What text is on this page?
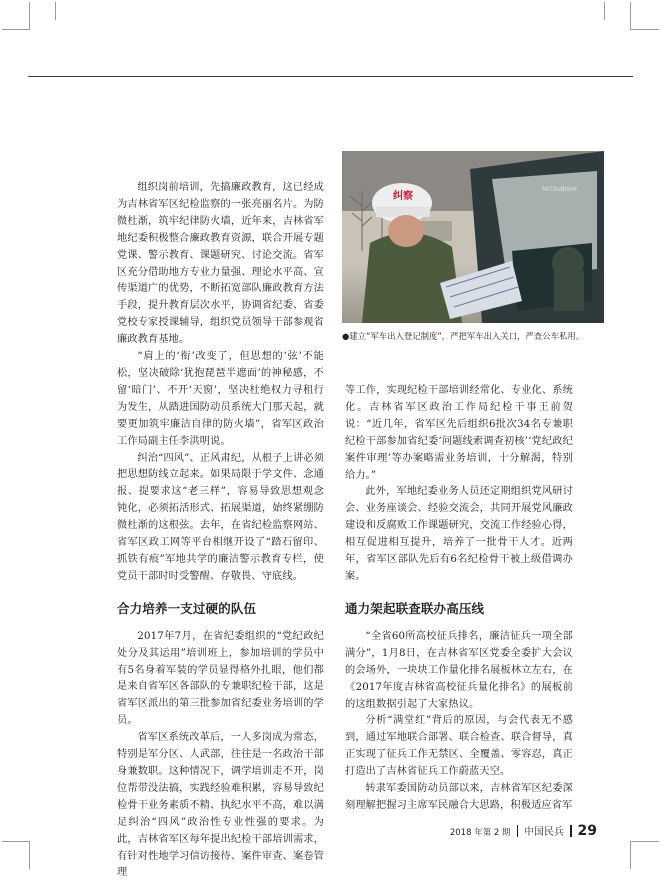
组织岗前培训，先搞廉政教育，这已经成为吉林省军区纪检监察的一张亮丽名片。为防微杜渐，筑牢纪律防火墙，近年来，吉林省军地纪委积极整合廉政教育资源，联合开展专题党课、警示教育、课题研究、讨论交流。省军区充分借助地方专业力量强、理论水平高、宣传渠道广的优势，不断拓宽部队廉政教育方法手段，提升教育层次水平，协调省纪委、省委党校专家授课辅导，组织党员领导干部参观省廉政教育基地。

“肩上的‘衔’改变了，但思想的‘弦’不能松，坚决破除‘犹抱琵琶半遮面’的神秘感，不留‘暗门’、不开‘天窗’，坚决杜绝权力寻租行为发生，从踏进国防动员系统大门那天起，就要更加筑牢廉洁自律的防火墙”，省军区政治工作局副主任李洪明说。

纠治“四风”、正风肃纪，从根子上讲必须把思想防线立起来。如果局限于学文件、念通报、提要求这“老三样”，容易导致思想观念钝化，必须拓活形式、拓展渠道，始终紧绷防微杜渐的这根弦。去年，在省纪检监察网站、省军区政工网等平台相继开设了“踏石留印、抓铁有痕”军地共学的廉洁警示教育专栏，使党员干部时时受警醒、存敬畏、守底线。

合力培养一支过硬的队伍

2017年7月，在省纪委组织的“党纪政纪处分及其运用”培训班上，参加培训的学员中有5名身着军装的学员显得格外扎眼，他们都是来自省军区各部队的专兼职纪检干部，这是省军区派出的第三批参加省纪委业务培训的学员。

省军区系统改革后，一人多岗成为常态，特别是军分区、人武部，往往是一名政治干部身兼数职。这种情况下，调学培训走不开，岗位帮带没法搞，实践经验难积累，容易导致纪检骨干业务素质不精、执纪水平不高，难以满足纠治“四风”政治性专业性强的要求。为此，吉林省军区每年提出纪检干部培训需求，有针对性地学习信访接待、案件审查、案卷管理

纠察
MITSUBISHI
●建立“军车出入登记制度”，严把军车出入关口，严查公车私用。

等工作，实现纪检干部培训经常化、专业化、系统化。吉林省军区政治工作局纪检干事王前贺说：“近几年，省军区先后组织6批次34名专兼职纪检干部参加省纪委‘问题线索调查初核’‘党纪政纪案件审理’等办案略需业务培训，十分解渴，特别给力。”

此外，军地纪委业务人员还定期组织党风研讨会、业务座谈会、经验交流会，共同开展党风廉政建设和反腐败工作课题研究，交流工作经验心得，相互促进相互提升，培养了一批骨干人才。近两年，省军区部队先后有6名纪检骨干被上级借调办案。

通力架起联查联办高压线

“全省60所高校征兵排名，廉洁征兵一项全部满分”，1月8日，在吉林省军区党委全委扩大会议的会场外，一块块工作量化排名展板林立左右，在《2017年度吉林省高校征兵量化排名》的展板前的这组数据引起了大家热议。

分析“满堂红”背后的原因，与会代表无不感到，通过军地联合部署、联合检查、联合督导，真正实现了征兵工作无禁区、全覆盖、零容忍，真正打造出了吉林省征兵工作蔚蓝天空。

转隶军委国防动员部以来，吉林省军区纪委深刻理解把握习主席军民融合大思路，积极适应省军

2018 年第 2 期 中国民兵 29
